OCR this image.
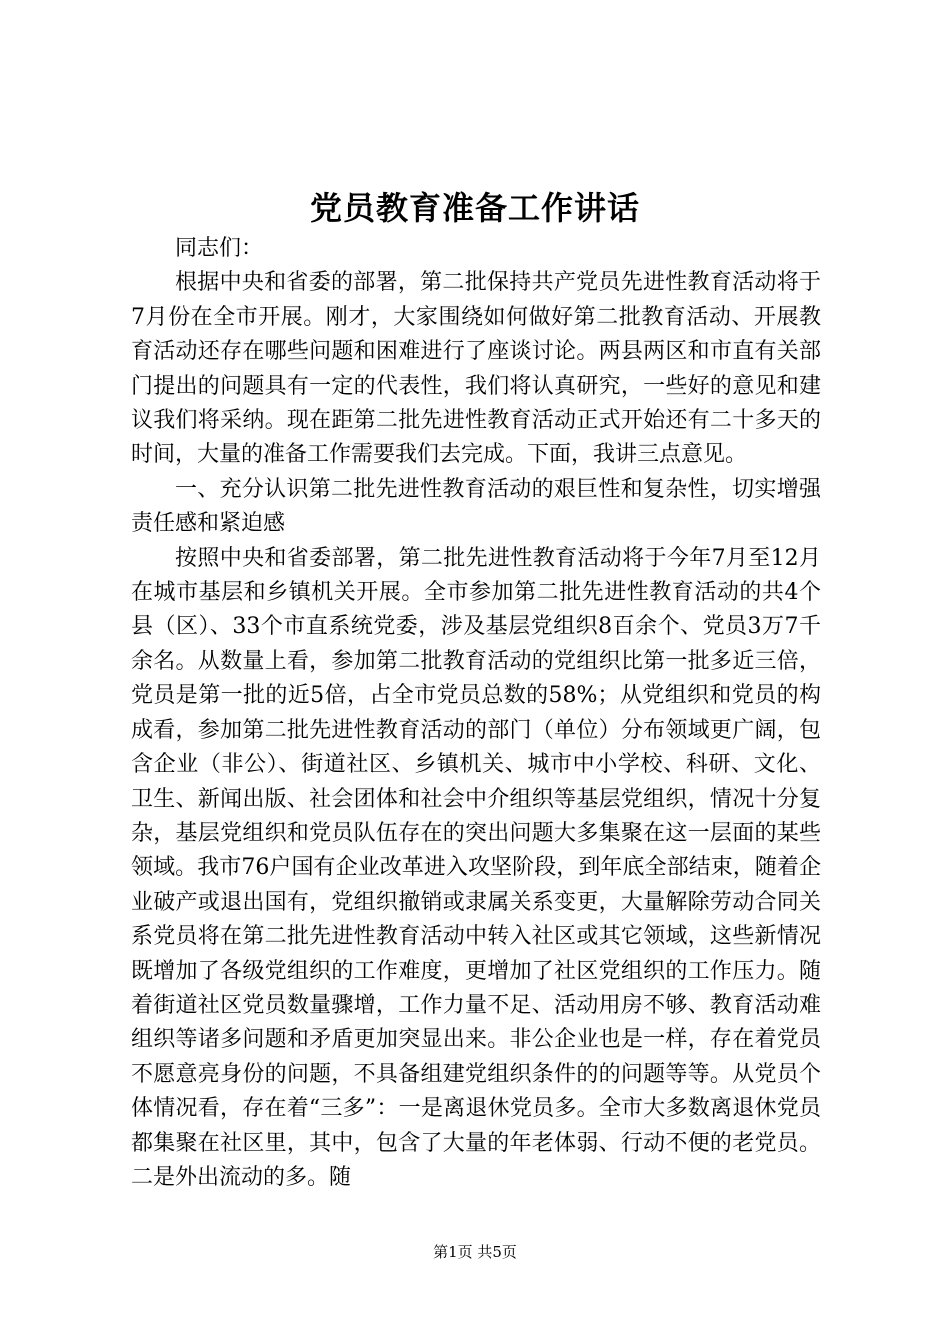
党员教育准备工作讲话

同志们：

根据中央和省委的部署，第二批保持共产党员先进性教育活动将于7月份在全市开展。刚才，大家围绕如何做好第二批教育活动、开展教育活动还存在哪些问题和困难进行了座谈讨论。两县两区和市直有关部门提出的问题具有一定的代表性，我们将认真研究，一些好的意见和建议我们将采纳。现在距第二批先进性教育活动正式开始还有二十多天的时间，大量的准备工作需要我们去完成。下面，我讲三点意见。

一、充分认识第二批先进性教育活动的艰巨性和复杂性，切实增强责任感和紧迫感

按照中央和省委部署，第二批先进性教育活动将于今年7月至12月在城市基层和乡镇机关开展。全市参加第二批先进性教育活动的共4个县（区）、33个市直系统党委，涉及基层党组织8百余个、党员3万7千余名。从数量上看，参加第二批教育活动的党组织比第一批多近三倍，党员是第一批的近5倍，占全市党员总数的58%；从党组织和党员的构成看，参加第二批先进性教育活动的部门（单位）分布领域更广阔，包含企业（非公）、街道社区、乡镇机关、城市中小学校、科研、文化、卫生、新闻出版、社会团体和社会中介组织等基层党组织，情况十分复杂，基层党组织和党员队伍存在的突出问题大多集聚在这一层面的某些领域。我市76户国有企业改革进入攻坚阶段，到年底全部结束，随着企业破产或退出国有，党组织撤销或隶属关系变更，大量解除劳动合同关系党员将在第二批先进性教育活动中转入社区或其它领域，这些新情况既增加了各级党组织的工作难度，更增加了社区党组织的工作压力。随着街道社区党员数量骤增，工作力量不足、活动用房不够、教育活动难组织等诸多问题和矛盾更加突显出来。非公企业也是一样，存在着党员不愿意亮身份的问题，不具备组建党组织条件的的问题等等。从党员个体情况看，存在着“三多”：一是离退休党员多。全市大多数离退休党员都集聚在社区里，其中，包含了大量的年老体弱、行动不便的老党员。二是外出流动的多。随

第1页 共5页
